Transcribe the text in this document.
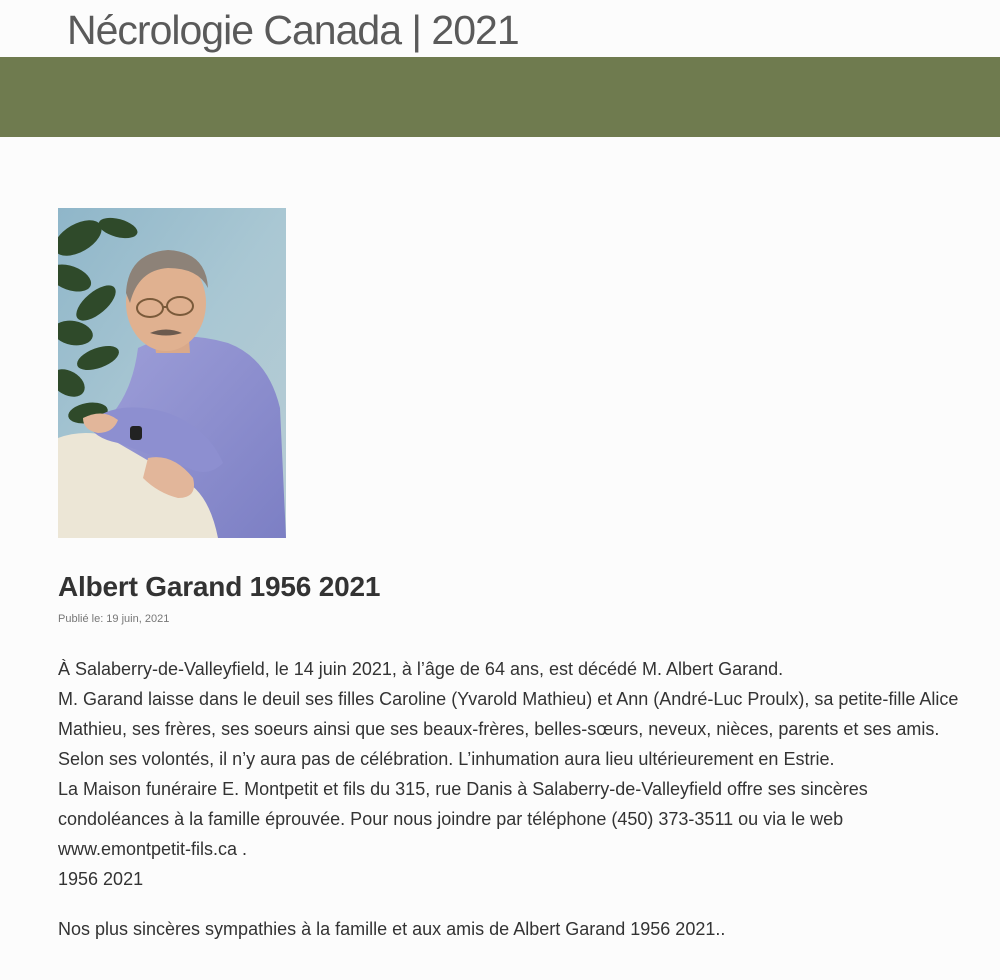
Nécrologie Canada | 2021
Albert Garand 1956 2021
Publié le: 19 juin, 2021

À Salaberry-de-Valleyfield, le 14 juin 2021, à l’âge de 64 ans, est décédé M. Albert Garand.

M. Garand laisse dans le deuil ses filles Caroline (Yvarold Mathieu) et Ann (André-Luc Proulx), sa petite-fille Alice Mathieu, ses frères, ses soeurs ainsi que ses beaux-frères, belles-sœurs, neveux, nièces, parents et ses amis.

Selon ses volontés, il n’y aura pas de célébration. L’inhumation aura lieu ultérieurement en Estrie.

La Maison funéraire E. Montpetit et fils du 315, rue Danis à Salaberry-de-Valleyfield offre ses sincères condoléances à la famille éprouvée. Pour nous joindre par téléphone (450) 373-3511 ou via le web www.emontpetit-fils.ca .

1956 2021

Nos plus sincères sympathies à la famille et aux amis de Albert Garand 1956 2021..
